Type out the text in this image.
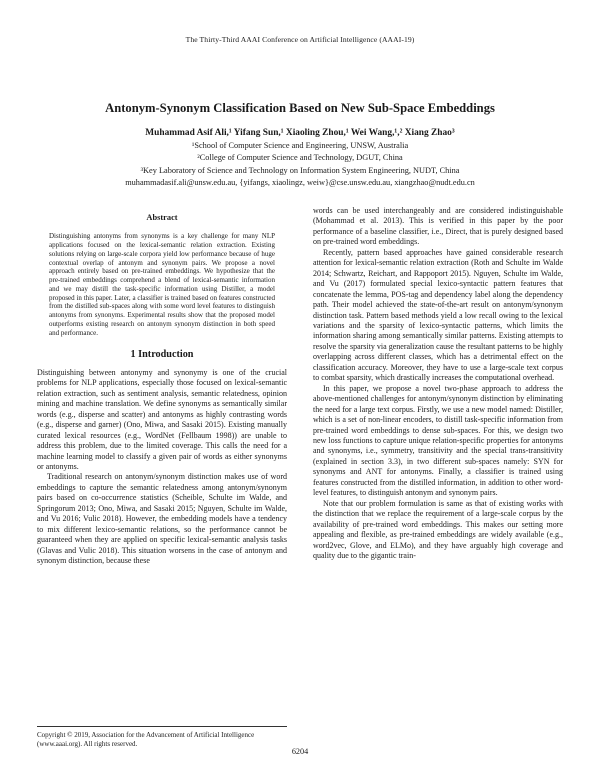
The Thirty-Third AAAI Conference on Artificial Intelligence (AAAI-19)
Antonym-Synonym Classification Based on New Sub-Space Embeddings
Muhammad Asif Ali,¹ Yifang Sun,¹ Xiaoling Zhou,¹ Wei Wang,¹,² Xiang Zhao³
¹School of Computer Science and Engineering, UNSW, Australia
²College of Computer Science and Technology, DGUT, China
³Key Laboratory of Science and Technology on Information System Engineering, NUDT, China
muhammadasif.ali@unsw.edu.au, {yifangs, xiaolingz, weiw}@cse.unsw.edu.au, xiangzhao@nudt.edu.cn
Abstract

Distinguishing antonyms from synonyms is a key challenge for many NLP applications focused on the lexical-semantic relation extraction. Existing solutions relying on large-scale corpora yield low performance because of huge contextual overlap of antonym and synonym pairs. We propose a novel approach entirely based on pre-trained embeddings. We hypothesize that the pre-trained embeddings comprehend a blend of lexical-semantic information and we may distill the task-specific information using Distiller, a model proposed in this paper. Later, a classifier is trained based on features constructed from the distilled sub-spaces along with some word level features to distinguish antonyms from synonyms. Experimental results show that the proposed model outperforms existing research on antonym synonym distinction in both speed and performance.

1 Introduction

Distinguishing between antonymy and synonymy is one of the crucial problems for NLP applications, especially those focused on lexical-semantic relation extraction, such as sentiment analysis, semantic relatedness, opinion mining and machine translation. We define synonyms as semantically similar words (e.g., disperse and scatter) and antonyms as highly contrasting words (e.g., disperse and garner) (Ono, Miwa, and Sasaki 2015). Existing manually curated lexical resources (e.g., WordNet (Fellbaum 1998)) are unable to address this problem, due to the limited coverage. This calls the need for a machine learning model to classify a given pair of words as either synonyms or antonyms.

Traditional research on antonym/synonym distinction makes use of word embeddings to capture the semantic relatedness among antonym/synonym pairs based on co-occurrence statistics (Scheible, Schulte im Walde, and Springorum 2013; Ono, Miwa, and Sasaki 2015; Nguyen, Schulte im Walde, and Vu 2016; Vulic 2018). However, the embedding models have a tendency to mix different lexico-semantic relations, so the performance cannot be guaranteed when they are applied on specific lexical-semantic analysis tasks (Glavas and Vulic 2018). This situation worsens in the case of antonym and synonym distinction, because these

words can be used interchangeably and are considered indistinguishable (Mohammad et al. 2013). This is verified in this paper by the poor performance of a baseline classifier, i.e., Direct, that is purely designed based on pre-trained word embeddings.

Recently, pattern based approaches have gained considerable research attention for lexical-semantic relation extraction (Roth and Schulte im Walde 2014; Schwartz, Reichart, and Rappoport 2015). Nguyen, Schulte im Walde, and Vu (2017) formulated special lexico-syntactic pattern features that concatenate the lemma, POS-tag and dependency label along the dependency path. Their model achieved the state-of-the-art result on antonym/synonym distinction task. Pattern based methods yield a low recall owing to the lexical variations and the sparsity of lexico-syntactic patterns, which limits the information sharing among semantically similar patterns. Existing attempts to resolve the sparsity via generalization cause the resultant patterns to be highly overlapping across different classes, which has a detrimental effect on the classification accuracy. Moreover, they have to use a large-scale text corpus to combat sparsity, which drastically increases the computational overhead.

In this paper, we propose a novel two-phase approach to address the above-mentioned challenges for antonym/synonym distinction by eliminating the need for a large text corpus. Firstly, we use a new model named: Distiller, which is a set of non-linear encoders, to distill task-specific information from pre-trained word embeddings to dense sub-spaces. For this, we design two new loss functions to capture unique relation-specific properties for antonyms and synonyms, i.e., symmetry, transitivity and the special trans-transitivity (explained in section 3.3), in two different sub-spaces namely: SYN for synonyms and ANT for antonyms. Finally, a classifier is trained using features constructed from the distilled information, in addition to other word-level features, to distinguish antonym and synonym pairs.

Note that our problem formulation is same as that of existing works with the distinction that we replace the requirement of a large-scale corpus by the availability of pre-trained word embeddings. This makes our setting more appealing and flexible, as pre-trained embeddings are widely available (e.g., word2vec, Glove, and ELMo), and they have arguably high coverage and quality due to the gigantic train-

Copyright © 2019, Association for the Advancement of Artificial Intelligence (www.aaai.org). All rights reserved.
6204
